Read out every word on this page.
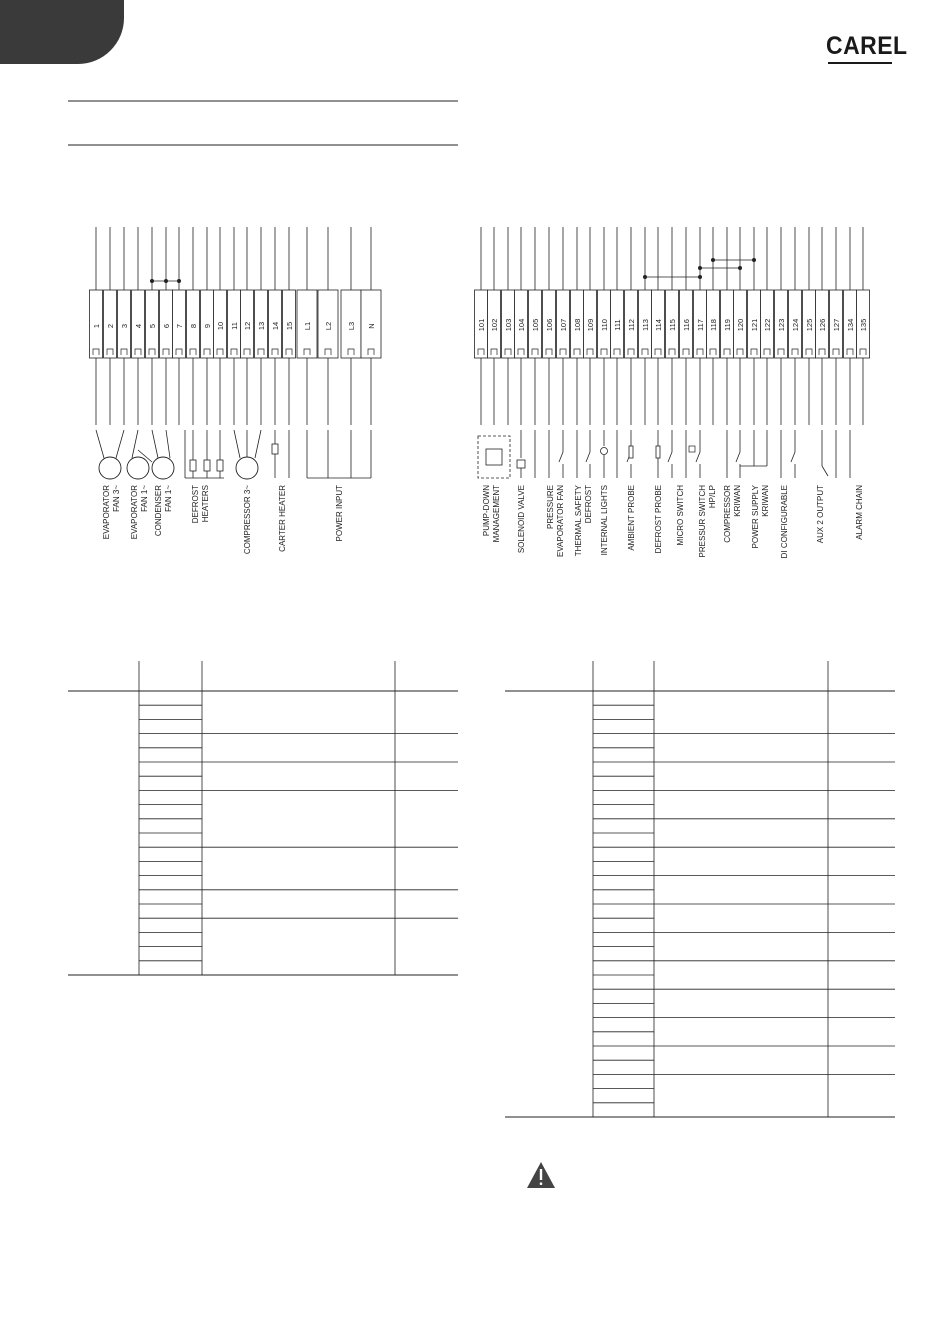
CAREL
1 2 3 4 5 6 7 8 9 10 11 12 13 14 15 L1 L2 L3 N
EVAPORATOR FAN 3~ EVAPORATOR FAN 1~ CONDENSER FAN 1~ DEFROST HEATERS	COMPRESSOR 3~	CARTER HEATER	POWER INPUT
101 102 103 104 105 106 107 108 109 110 111 112 113 114 115 116 117 118 119 120 121 122 123 124 125 126 127 134 135
PUMP-DOWN MANAGEMENT SOLENOID VALVE	PRESSURE EVAPORATOR FAN THERMAL SAFETY DEFROST INTERNAL LIGHTS AMBIENT PROBE DEFROST PROBE MICRO SWITCH PRESSUR SWITCH HP/LP COMPRESSOR KRIWAN POWER SUPPLY KRIWAN DI CONFIGURABLE	AUX 2 OUTPUT	ALARM CHAIN
